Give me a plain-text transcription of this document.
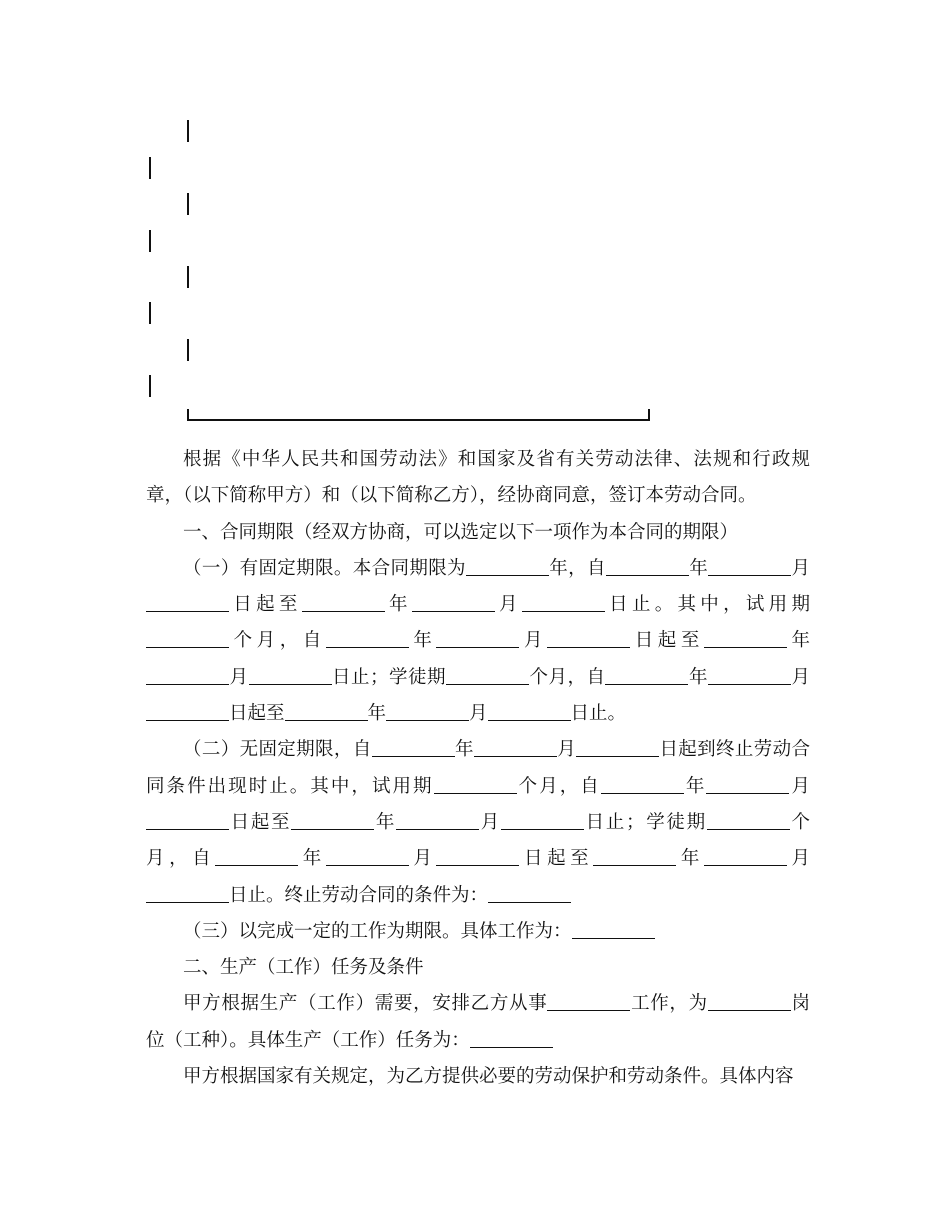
根据《中华人民共和国劳动法》和国家及省有关劳动法律、法规和行政规章，（以下简称甲方）和（以下简称乙方），经协商同意，签订本劳动合同。

一、合同期限（经双方协商，可以选定以下一项作为本合同的期限）

（一）有固定期限。本合同期限为	年，自	年	月日起至	年	月	日止。其中，试用期个月，自	年	月	日起至	年月	日止；学徒期	个月，自	年	月日起至	年	月	日止。

（二）无固定期限，自	年	月	日起到终止劳动合同条件出现时止。其中，试用期	个月，自	年	月日起至	年	月	日止；学徒期	个月，自	年	月	日起至	年	月日止。终止劳动合同的条件为：

（三）以完成一定的工作为期限。具体工作为：

二、生产（工作）任务及条件

甲方根据生产（工作）需要，安排乙方从事	工作，为	岗位（工种）。具体生产（工作）任务为：

甲方根据国家有关规定，为乙方提供必要的劳动保护和劳动条件。具体内容
